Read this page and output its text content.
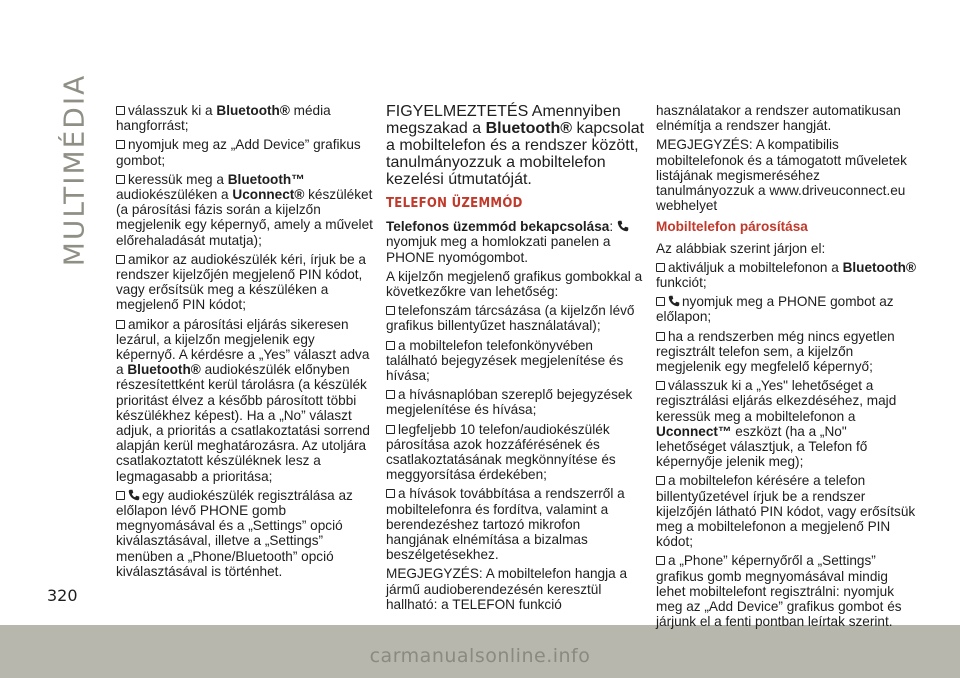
MULTIMÉDIA	válasszuk ki a Bluetooth® média hangforrást;
nyomjuk meg az „Add Device” grafikus gombot;
keressük meg a Bluetooth™ audiokészüléken a Uconnect® készüléket (a párosítási fázis során a kijelzőn megjelenik egy képernyő, amely a művelet előrehaladását mutatja);
amikor az audiokészülék kéri, írjuk be a rendszer kijelzőjén megjelenő PIN kódot, vagy erősítsük meg a készüléken a megjelenő PIN kódot;
amikor a párosítási eljárás sikeresen lezárul, a kijelzőn megjelenik egy képernyő. A kérdésre a „Yes” választ adva a Bluetooth® audiokészülék előnyben részesítettként kerül tárolásra (a készülék prioritást élvez a később párosított többi készülékhez képest). Ha a „No” választ adjuk, a prioritás a csatlakoztatási sorrend alapján kerül meghatározásra. Az utoljára csatlakoztatott készüléknek lesz a legmagasabb a prioritása;
egy audiokészülék regisztrálása az előlapon lévő PHONE gomb megnyomásával és a „Settings” opció kiválasztásával, illetve a „Settings” menüben a „Phone/Bluetooth” opció kiválasztásával is történhet.
FIGYELMEZTETÉS Amennyiben megszakad a Bluetooth® kapcsolat a mobiltelefon és a rendszer között, tanulmányozzuk a mobiltelefon kezelési útmutatóját.
TELEFON ÜZEMMÓD
Telefonos üzemmód bekapcsolása: nyomjuk meg a homlokzati panelen a PHONE nyomógombot.
A kijelzőn megjelenő grafikus gombokkal a következőkre van lehetőség:
telefonszám tárcsázása (a kijelzőn lévő grafikus billentyűzet használatával);
a mobiltelefon telefonkönyvében található bejegyzések megjelenítése és hívása;
a hívásnaplóban szereplő bejegyzések megjelenítése és hívása;
legfeljebb 10 telefon/audiokészülék párosítása azok hozzáférésének és csatlakoztatásának megkönnyítése és meggyorsítása érdekében;
a hívások továbbítása a rendszerről a mobiltelefonra és fordítva, valamint a berendezéshez tartozó mikrofon hangjának elnémítása a bizalmas beszélgetésekhez.
MEGJEGYZÉS: A mobiltelefon hangja a jármű audioberendezésén keresztül hallható: a TELEFON funkció
használatakor a rendszer automatikusan elnémítja a rendszer hangját.
MEGJEGYZÉS: A kompatibilis mobiltelefonok és a támogatott műveletek listájának megismeréséhez tanulmányozzuk a www.driveuconnect.eu webhelyet
Mobiltelefon párosítása
Az alábbiak szerint járjon el:
aktiváljuk a mobiltelefonon a Bluetooth® funkciót;
nyomjuk meg a PHONE gombot az előlapon;
ha a rendszerben még nincs egyetlen regisztrált telefon sem, a kijelzőn megjelenik egy megfelelő képernyő;
válasszuk ki a „Yes" lehetőséget a regisztrálási eljárás elkezdéséhez, majd keressük meg a mobiltelefonon a Uconnect™ eszközt (ha a „No" lehetőséget választjuk, a Telefon fő képernyője jelenik meg);
a mobiltelefon kérésére a telefon billentyűzetével írjuk be a rendszer kijelzőjén látható PIN kódot, vagy erősítsük meg a mobiltelefonon a megjelenő PIN kódot;
a „Phone” képernyőről a „Settings” grafikus gomb megnyomásával mindig lehet mobiltelefont regisztrálni: nyomjuk meg az „Add Device” grafikus gombot és járjunk el a fenti pontban leírtak szerint.
320
carmanualsonline.info
